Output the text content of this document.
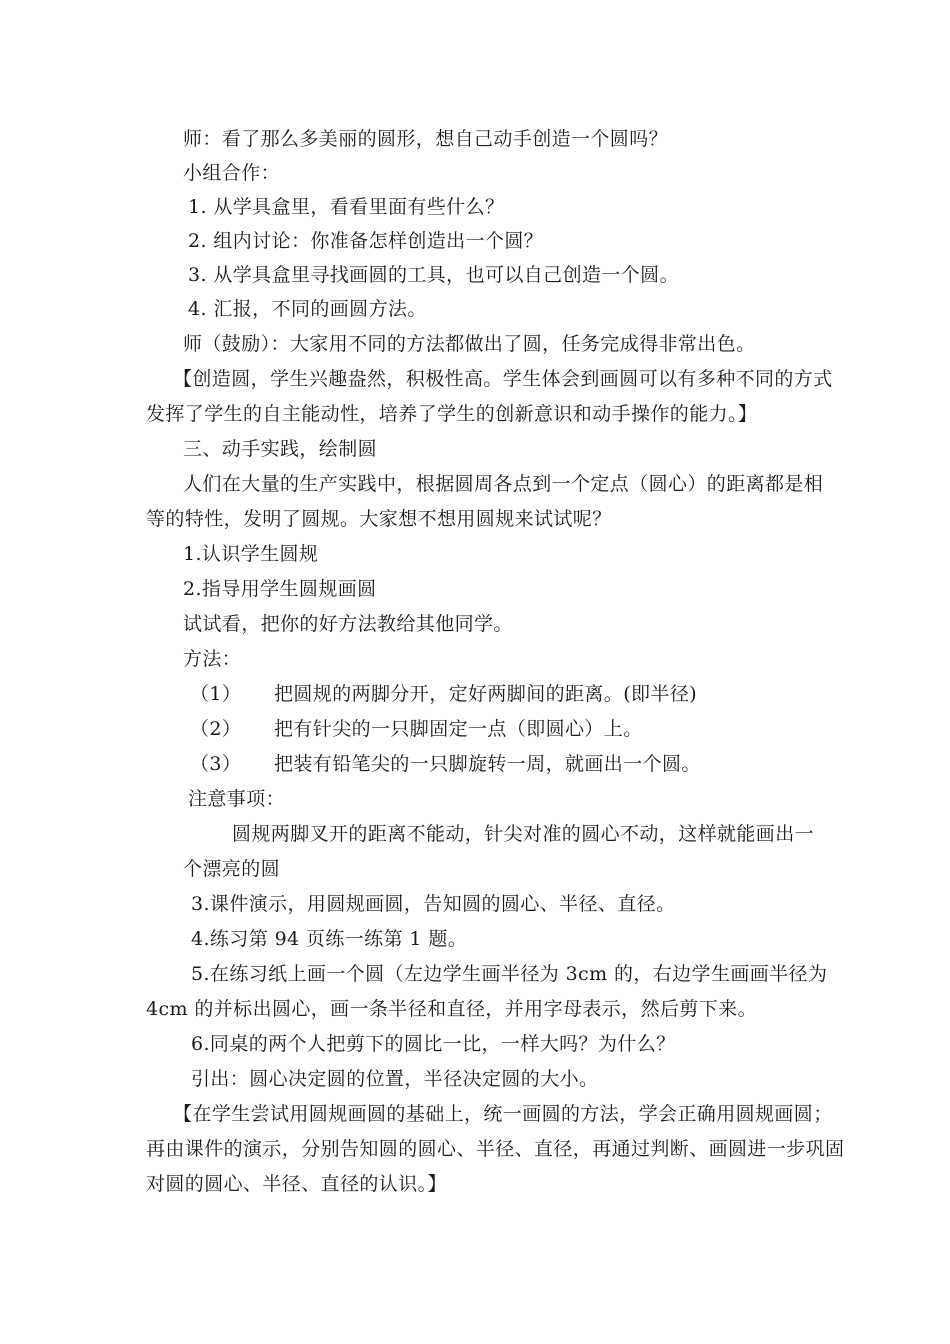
师：看了那么多美丽的圆形，想自己动手创造一个圆吗？
小组合作：
1. 从学具盒里，看看里面有些什么？
2. 组内讨论：你准备怎样创造出一个圆？
3. 从学具盒里寻找画圆的工具，也可以自己创造一个圆。
4. 汇报，不同的画圆方法。
师（鼓励）：大家用不同的方法都做出了圆，任务完成得非常出色。
【创造圆，学生兴趣盎然，积极性高。学生体会到画圆可以有多种不同的方式
发挥了学生的自主能动性，培养了学生的创新意识和动手操作的能力。】
三、动手实践，绘制圆
人们在大量的生产实践中，根据圆周各点到一个定点（圆心）的距离都是相
等的特性，发明了圆规。大家想不想用圆规来试试呢？
1.认识学生圆规
2.指导用学生圆规画圆
试试看，把你的好方法教给其他同学。
方法：
（1） 把圆规的两脚分开，定好两脚间的距离。(即半径)
（2） 把有针尖的一只脚固定一点（即圆心）上。
（3） 把装有铅笔尖的一只脚旋转一周，就画出一个圆。
注意事项：
圆规两脚叉开的距离不能动，针尖对准的圆心不动，这样就能画出一
个漂亮的圆
3.课件演示，用圆规画圆，告知圆的圆心、半径、直径。
4.练习第 94 页练一练第 1 题。
5.在练习纸上画一个圆（左边学生画半径为 3cm 的，右边学生画画半径为
4cm 的并标出圆心，画一条半径和直径，并用字母表示，然后剪下来。
6.同桌的两个人把剪下的圆比一比，一样大吗？为什么？
引出：圆心决定圆的位置，半径决定圆的大小。
【在学生尝试用圆规画圆的基础上，统一画圆的方法，学会正确用圆规画圆；
再由课件的演示，分别告知圆的圆心、半径、直径，再通过判断、画圆进一步巩固
对圆的圆心、半径、直径的认识。】
